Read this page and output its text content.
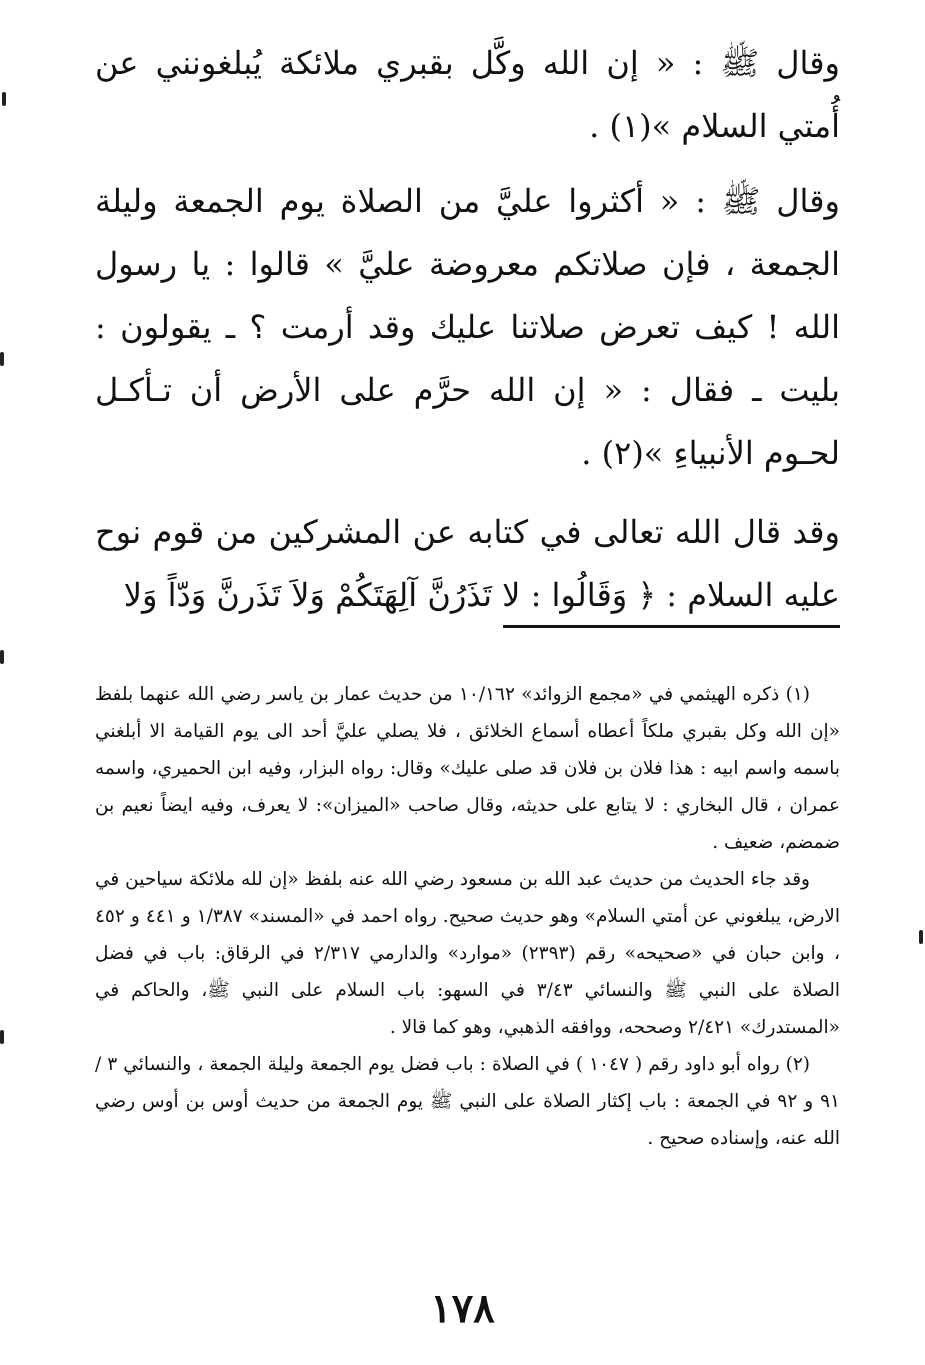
وقال ﷺ : « إن الله وكَّل بقبري ملائكة يُبلغونني عن أُمتي السلام »(١) .

وقال ﷺ : « أكثروا عليَّ من الصلاة يوم الجمعة وليلة الجمعة ، فإن صلاتكم معروضة عليَّ » قالوا : يا رسول الله ! كيف تعرض صلاتنا عليك وقد أرمت ؟ ـ يقولون : بليت ـ فقال : « إن الله حرَّم على الأرض أن تـأكـل لحـوم الأنبياءِ »(٢) .

وقد قال الله تعالى في كتابه عن المشركين من قوم نوح عليه السلام : ﴿ وَقَالُوا : لا تَذَرُنَّ آلِهَتَكُمْ وَلاَ تَذَرنَّ وَدّاً وَلا

(١) ذكره الهيثمي في «مجمع الزوائد» ١٠/١٦٢ من حديث عمار بن ياسر رضي الله عنهما بلفظ «إن الله وكل بقبري ملكاً أعطاه أسماع الخلائق ، فلا يصلي عليَّ أحد الى يوم القيامة الا أبلغني باسمه واسم ابيه : هذا فلان بن فلان قد صلى عليك» وقال: رواه البزار، وفيه ابن الحميري، واسمه عمران ، قال البخاري : لا يتابع على حديثه، وقال صاحب «الميزان»: لا يعرف، وفيه ايضاً نعيم بن ضمضم، ضعيف .

وقد جاء الحديث من حديث عبد الله بن مسعود رضي الله عنه بلفظ «إن لله ملائكة سياحين في الارض، يبلغوني عن أمتي السلام» وهو حديث صحيح. رواه احمد في «المسند» ١/٣٨٧ و ٤٤١ و ٤٥٢ ، وابن حبان في «صحيحه» رقم (٢٣٩٣) «موارد» والدارمي ٢/٣١٧ في الرقاق: باب في فضل الصلاة على النبي ﷺ والنسائي ٣/٤٣ في السهو: باب السلام على النبي ﷺ، والحاكم في «المستدرك» ٢/٤٢١ وصححه، ووافقه الذهبي، وهو كما قالا .

(٢) رواه أبو داود رقم ( ١٠٤٧ ) في الصلاة : باب فضل يوم الجمعة وليلة الجمعة ، والنسائي ٣ /٩١ و ٩٢ في الجمعة : باب إكثار الصلاة على النبي ﷺ يوم الجمعة من حديث أوس بن أوس رضي الله عنه، وإسناده صحيح .

١٧٨
